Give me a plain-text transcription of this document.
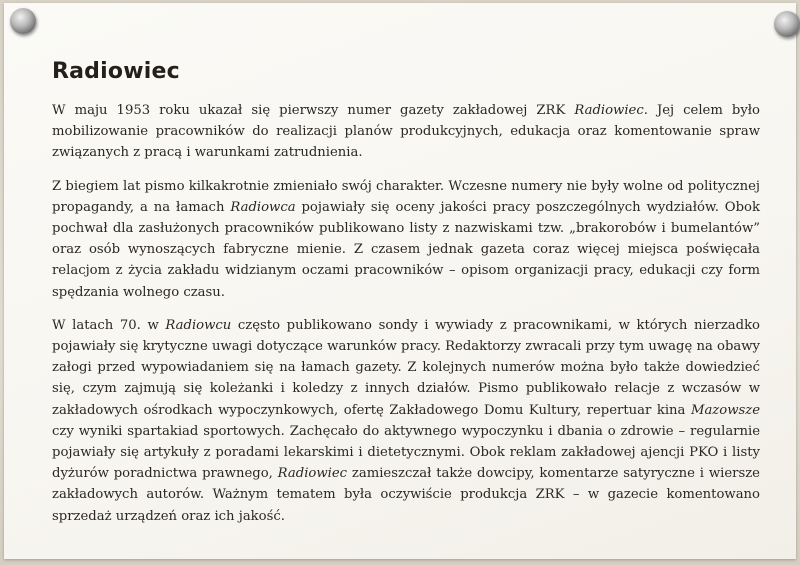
Radiowiec

W maju 1953 roku ukazał się pierwszy numer gazety zakładowej ZRK Radiowiec. Jej celem było mobilizowanie pracowników do realizacji planów produkcyjnych, edukacja oraz komentowanie spraw związanych z pracą i warunkami zatrudnienia.

Z biegiem lat pismo kilkakrotnie zmieniało swój charakter. Wczesne numery nie były wolne od politycznej propagandy, a na łamach Radiowca pojawiały się oceny jakości pracy poszczególnych wydziałów. Obok pochwał dla zasłużonych pracowników publikowano listy z nazwiskami tzw. „brakorobów i bumelantów” oraz osób wynoszących fabryczne mienie. Z czasem jednak gazeta coraz więcej miejsca poświęcała relacjom z życia zakładu widzianym oczami pracowników – opisom organizacji pracy, edukacji czy form spędzania wolnego czasu.

W latach 70. w Radiowcu często publikowano sondy i wywiady z pracownikami, w których nierzadko pojawiały się krytyczne uwagi dotyczące warunków pracy. Redaktorzy zwracali przy tym uwagę na obawy załogi przed wypowiadaniem się na łamach gazety. Z kolejnych numerów można było także dowiedzieć się, czym zajmują się koleżanki i koledzy z innych działów. Pismo publikowało relacje z wczasów w zakładowych ośrodkach wypoczynkowych, ofertę Zakładowego Domu Kultury, repertuar kina Mazowsze czy wyniki spartakiad sportowych. Zachęcało do aktywnego wypoczynku i dbania o zdrowie – regularnie pojawiały się artykuły z poradami lekarskimi i dietetycznymi. Obok reklam zakładowej ajencji PKO i listy dyżurów poradnictwa prawnego, Radiowiec zamieszczał także dowcipy, komentarze satyryczne i wiersze zakładowych autorów. Ważnym tematem była oczywiście produkcja ZRK – w gazecie komentowano sprzedaż urządzeń oraz ich jakość.
